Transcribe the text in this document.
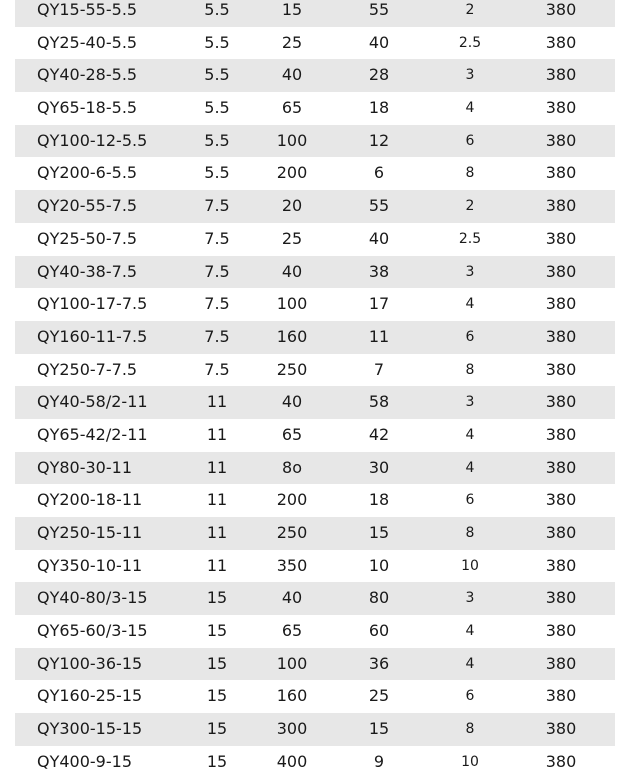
QY15-55-5.5	5.5	15	55	2	380
QY25-40-5.5	5.5	25	40	2.5	380
QY40-28-5.5	5.5	40	28	3	380
QY65-18-5.5	5.5	65	18	4	380
QY100-12-5.5	5.5	100	12	6	380
QY200-6-5.5	5.5	200	6	8	380
QY20-55-7.5	7.5	20	55	2	380
QY25-50-7.5	7.5	25	40	2.5	380
QY40-38-7.5	7.5	40	38	3	380
QY100-17-7.5	7.5	100	17	4	380
QY160-11-7.5	7.5	160	11	6	380
QY250-7-7.5	7.5	250	7	8	380
QY40-58/2-11	11	40	58	3	380
QY65-42/2-11	11	65	42	4	380
QY80-30-11	11	8o	30	4	380
QY200-18-11	11	200	18	6	380
QY250-15-11	11	250	15	8	380
QY350-10-11	11	350	10	10	380
QY40-80/3-15	15	40	80	3	380
QY65-60/3-15	15	65	60	4	380
QY100-36-15	15	100	36	4	380
QY160-25-15	15	160	25	6	380
QY300-15-15	15	300	15	8	380
QY400-9-15	15	400	9	10	380
